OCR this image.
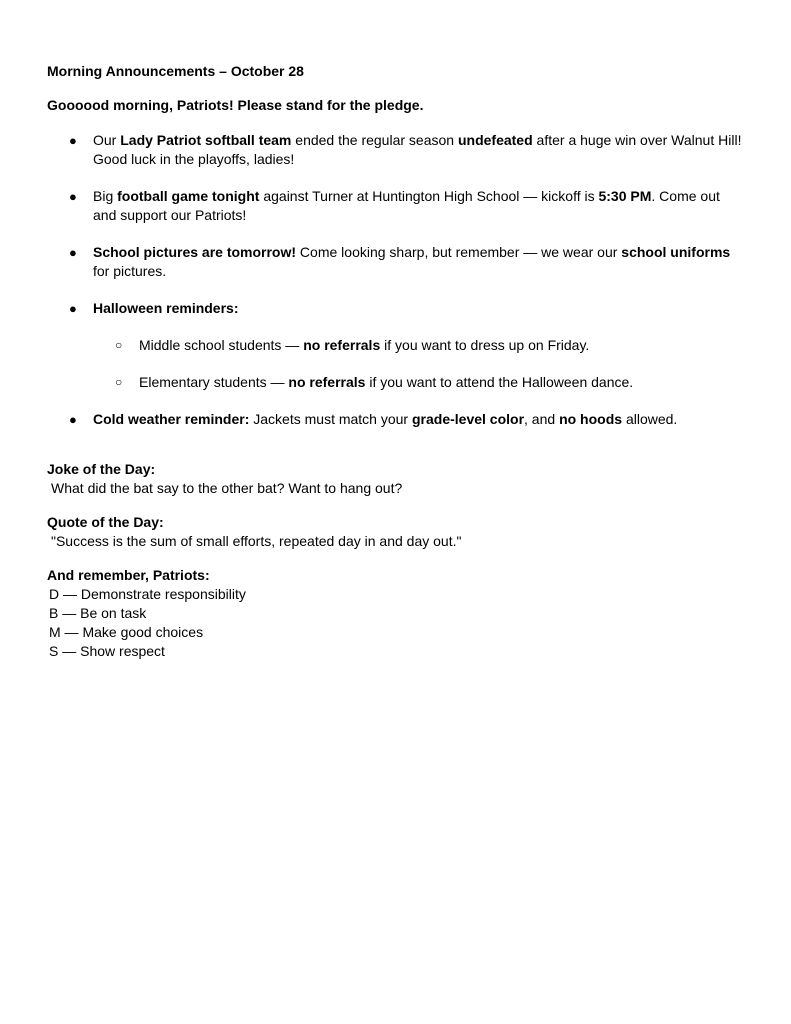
Morning Announcements – October 28

Goooood morning, Patriots! Please stand for the pledge.

● Our Lady Patriot softball team ended the regular season undefeated after a huge win over Walnut Hill! Good luck in the playoffs, ladies!
● Big football game tonight against Turner at Huntington High School — kickoff is 5:30 PM. Come out and support our Patriots!
● School pictures are tomorrow! Come looking sharp, but remember — we wear our school uniforms for pictures.
● Halloween reminders:
○ Middle school students — no referrals if you want to dress up on Friday.
○ Elementary students — no referrals if you want to attend the Halloween dance.
● Cold weather reminder: Jackets must match your grade-level color, and no hoods allowed.

Joke of the Day:

What did the bat say to the other bat? Want to hang out?

Quote of the Day:

"Success is the sum of small efforts, repeated day in and day out."

And remember, Patriots:

D — Demonstrate responsibility

B — Be on task

M — Make good choices

S — Show respect
